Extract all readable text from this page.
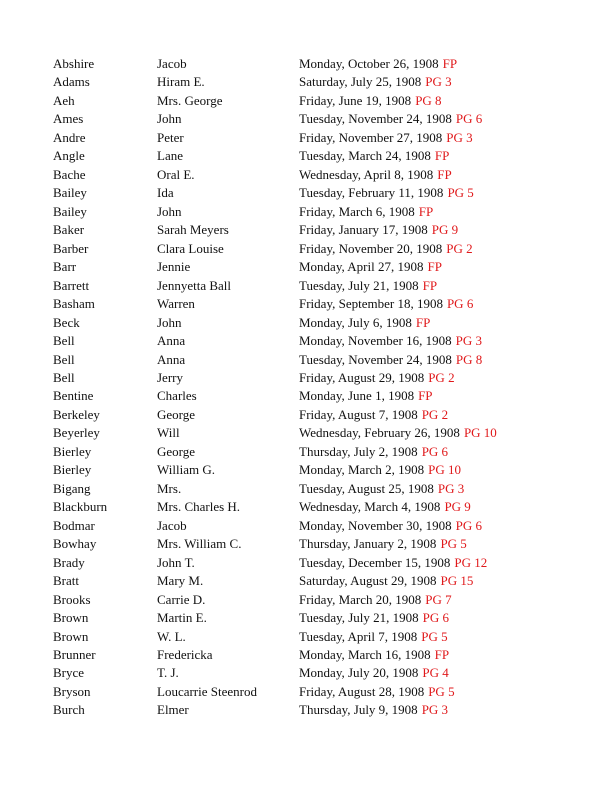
Abshire	Jacob	Monday, October 26, 1908 FP
Adams	Hiram E.	Saturday, July 25, 1908 PG 3
Aeh	Mrs. George	Friday, June 19, 1908 PG 8
Ames	John	Tuesday, November 24, 1908 PG 6
Andre	Peter	Friday, November 27, 1908 PG 3
Angle	Lane	Tuesday, March 24, 1908 FP
Bache	Oral E.	Wednesday, April 8, 1908 FP
Bailey	Ida	Tuesday, February 11, 1908 PG 5
Bailey	John	Friday, March 6, 1908 FP
Baker	Sarah Meyers	Friday, January 17, 1908 PG 9
Barber	Clara Louise	Friday, November 20, 1908 PG 2
Barr	Jennie	Monday, April 27, 1908 FP
Barrett	Jennyetta Ball	Tuesday, July 21, 1908 FP
Basham	Warren	Friday, September 18, 1908 PG 6
Beck	John	Monday, July 6, 1908 FP
Bell	Anna	Monday, November 16, 1908 PG 3
Bell	Anna	Tuesday, November 24, 1908 PG 8
Bell	Jerry	Friday, August 29, 1908 PG 2
Bentine	Charles	Monday, June 1, 1908 FP
Berkeley	George	Friday, August 7, 1908 PG 2
Beyerley	Will	Wednesday, February 26, 1908 PG 10
Bierley	George	Thursday, July 2, 1908 PG 6
Bierley	William G.	Monday, March 2, 1908 PG 10
Bigang	Mrs.	Tuesday, August 25, 1908 PG 3
Blackburn	Mrs. Charles H.	Wednesday, March 4, 1908 PG 9
Bodmar	Jacob	Monday, November 30, 1908 PG 6
Bowhay	Mrs. William C.	Thursday, January 2, 1908 PG 5
Brady	John T.	Tuesday, December 15, 1908 PG 12
Bratt	Mary M.	Saturday, August 29, 1908 PG 15
Brooks	Carrie D.	Friday, March 20, 1908 PG 7
Brown	Martin E.	Tuesday, July 21, 1908 PG 6
Brown	W. L.	Tuesday, April 7, 1908 PG 5
Brunner	Fredericka	Monday, March 16, 1908 FP
Bryce	T. J.	Monday, July 20, 1908 PG 4
Bryson	Loucarrie Steenrod	Friday, August 28, 1908 PG 5
Burch	Elmer	Thursday, July 9, 1908 PG 3
